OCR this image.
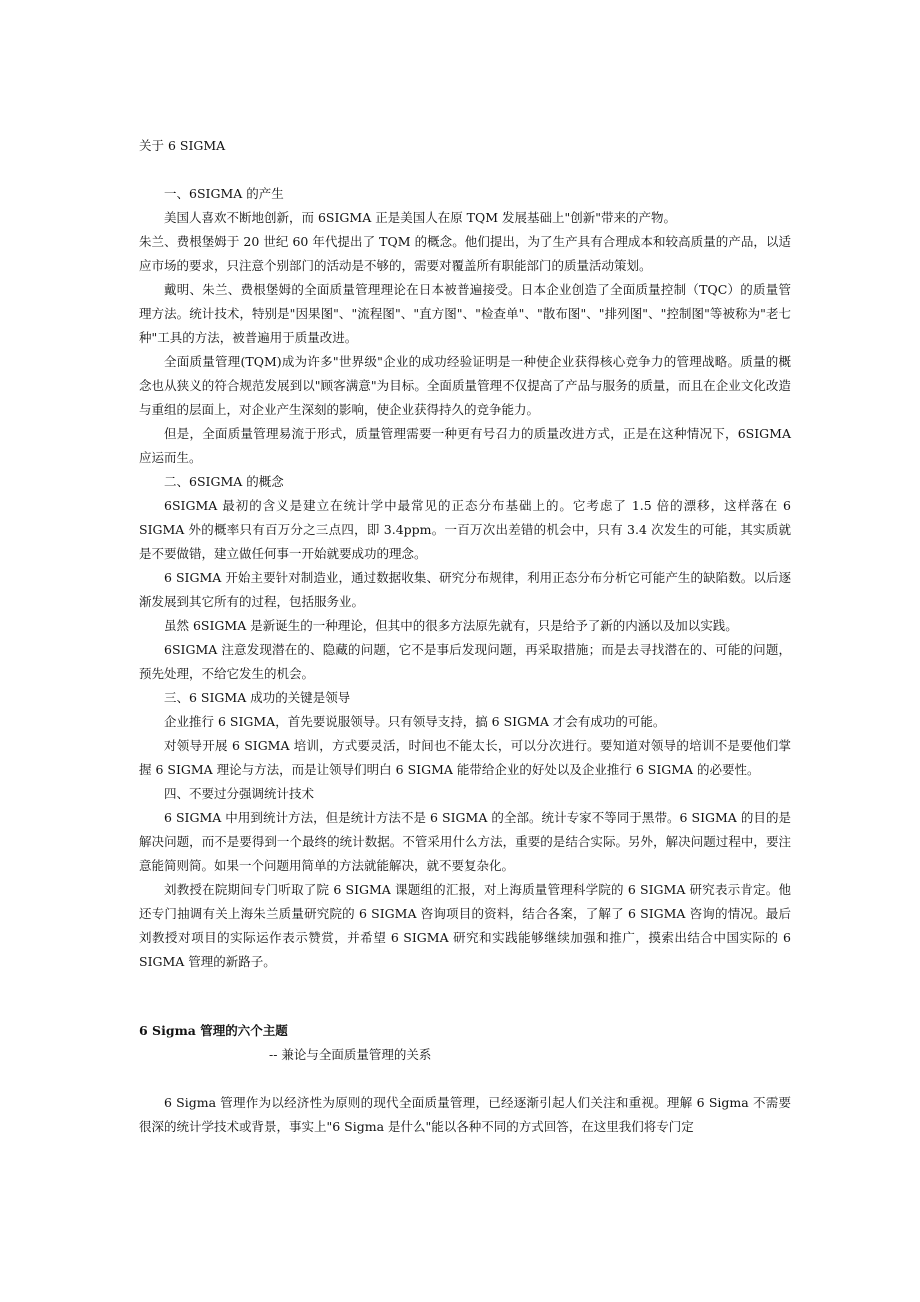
关于 6 SIGMA

一、6SIGMA 的产生

美国人喜欢不断地创新，而 6SIGMA 正是美国人在原 TQM 发展基础上"创新"带来的产物。

朱兰、费根堡姆于 20 世纪 60 年代提出了 TQM 的概念。他们提出，为了生产具有合理成本和较高质量的产品，以适应市场的要求，只注意个别部门的活动是不够的，需要对覆盖所有职能部门的质量活动策划。

戴明、朱兰、费根堡姆的全面质量管理理论在日本被普遍接受。日本企业创造了全面质量控制（TQC）的质量管理方法。统计技术，特别是"因果图"、"流程图"、"直方图"、"检查单"、"散布图"、"排列图"、"控制图"等被称为"老七种"工具的方法，被普遍用于质量改进。

全面质量管理(TQM)成为许多"世界级"企业的成功经验证明是一种使企业获得核心竞争力的管理战略。质量的概念也从狭义的符合规范发展到以"顾客满意"为目标。全面质量管理不仅提高了产品与服务的质量，而且在企业文化改造与重组的层面上，对企业产生深刻的影响，使企业获得持久的竞争能力。

但是，全面质量管理易流于形式，质量管理需要一种更有号召力的质量改进方式，正是在这种情况下，6SIGMA 应运而生。

二、6SIGMA 的概念

6SIGMA 最初的含义是建立在统计学中最常见的正态分布基础上的。它考虑了 1.5 倍的漂移，这样落在 6 SIGMA 外的概率只有百万分之三点四，即 3.4ppm。一百万次出差错的机会中，只有 3.4 次发生的可能，其实质就是不要做错，建立做任何事一开始就要成功的理念。

6 SIGMA 开始主要针对制造业，通过数据收集、研究分布规律，利用正态分布分析它可能产生的缺陷数。以后逐渐发展到其它所有的过程，包括服务业。

虽然 6SIGMA 是新诞生的一种理论，但其中的很多方法原先就有，只是给予了新的内涵以及加以实践。

6SIGMA 注意发现潜在的、隐藏的问题，它不是事后发现问题，再采取措施；而是去寻找潜在的、可能的问题，预先处理，不给它发生的机会。

三、6 SIGMA 成功的关键是领导

企业推行 6 SIGMA，首先要说服领导。只有领导支持，搞 6 SIGMA 才会有成功的可能。

对领导开展 6 SIGMA 培训，方式要灵活，时间也不能太长，可以分次进行。要知道对领导的培训不是要他们掌握 6 SIGMA 理论与方法，而是让领导们明白 6 SIGMA 能带给企业的好处以及企业推行 6 SIGMA 的必要性。

四、不要过分强调统计技术

6 SIGMA 中用到统计方法，但是统计方法不是 6 SIGMA 的全部。统计专家不等同于黑带。6 SIGMA 的目的是解决问题，而不是要得到一个最终的统计数据。不管采用什么方法，重要的是结合实际。另外，解决问题过程中，要注意能简则简。如果一个问题用简单的方法就能解决，就不要复杂化。

刘教授在院期间专门听取了院 6 SIGMA 课题组的汇报，对上海质量管理科学院的 6 SIGMA 研究表示肯定。他还专门抽调有关上海朱兰质量研究院的 6 SIGMA 咨询项目的资料，结合各案，了解了 6 SIGMA 咨询的情况。最后刘教授对项目的实际运作表示赞赏，并希望 6 SIGMA 研究和实践能够继续加强和推广，摸索出结合中国实际的 6 SIGMA 管理的新路子。

6 Sigma 管理的六个主题

-- 兼论与全面质量管理的关系

6 Sigma 管理作为以经济性为原则的现代全面质量管理，已经逐渐引起人们关注和重视。理解 6 Sigma 不需要很深的统计学技术或背景，事实上"6 Sigma 是什么"能以各种不同的方式回答，在这里我们将专门定
